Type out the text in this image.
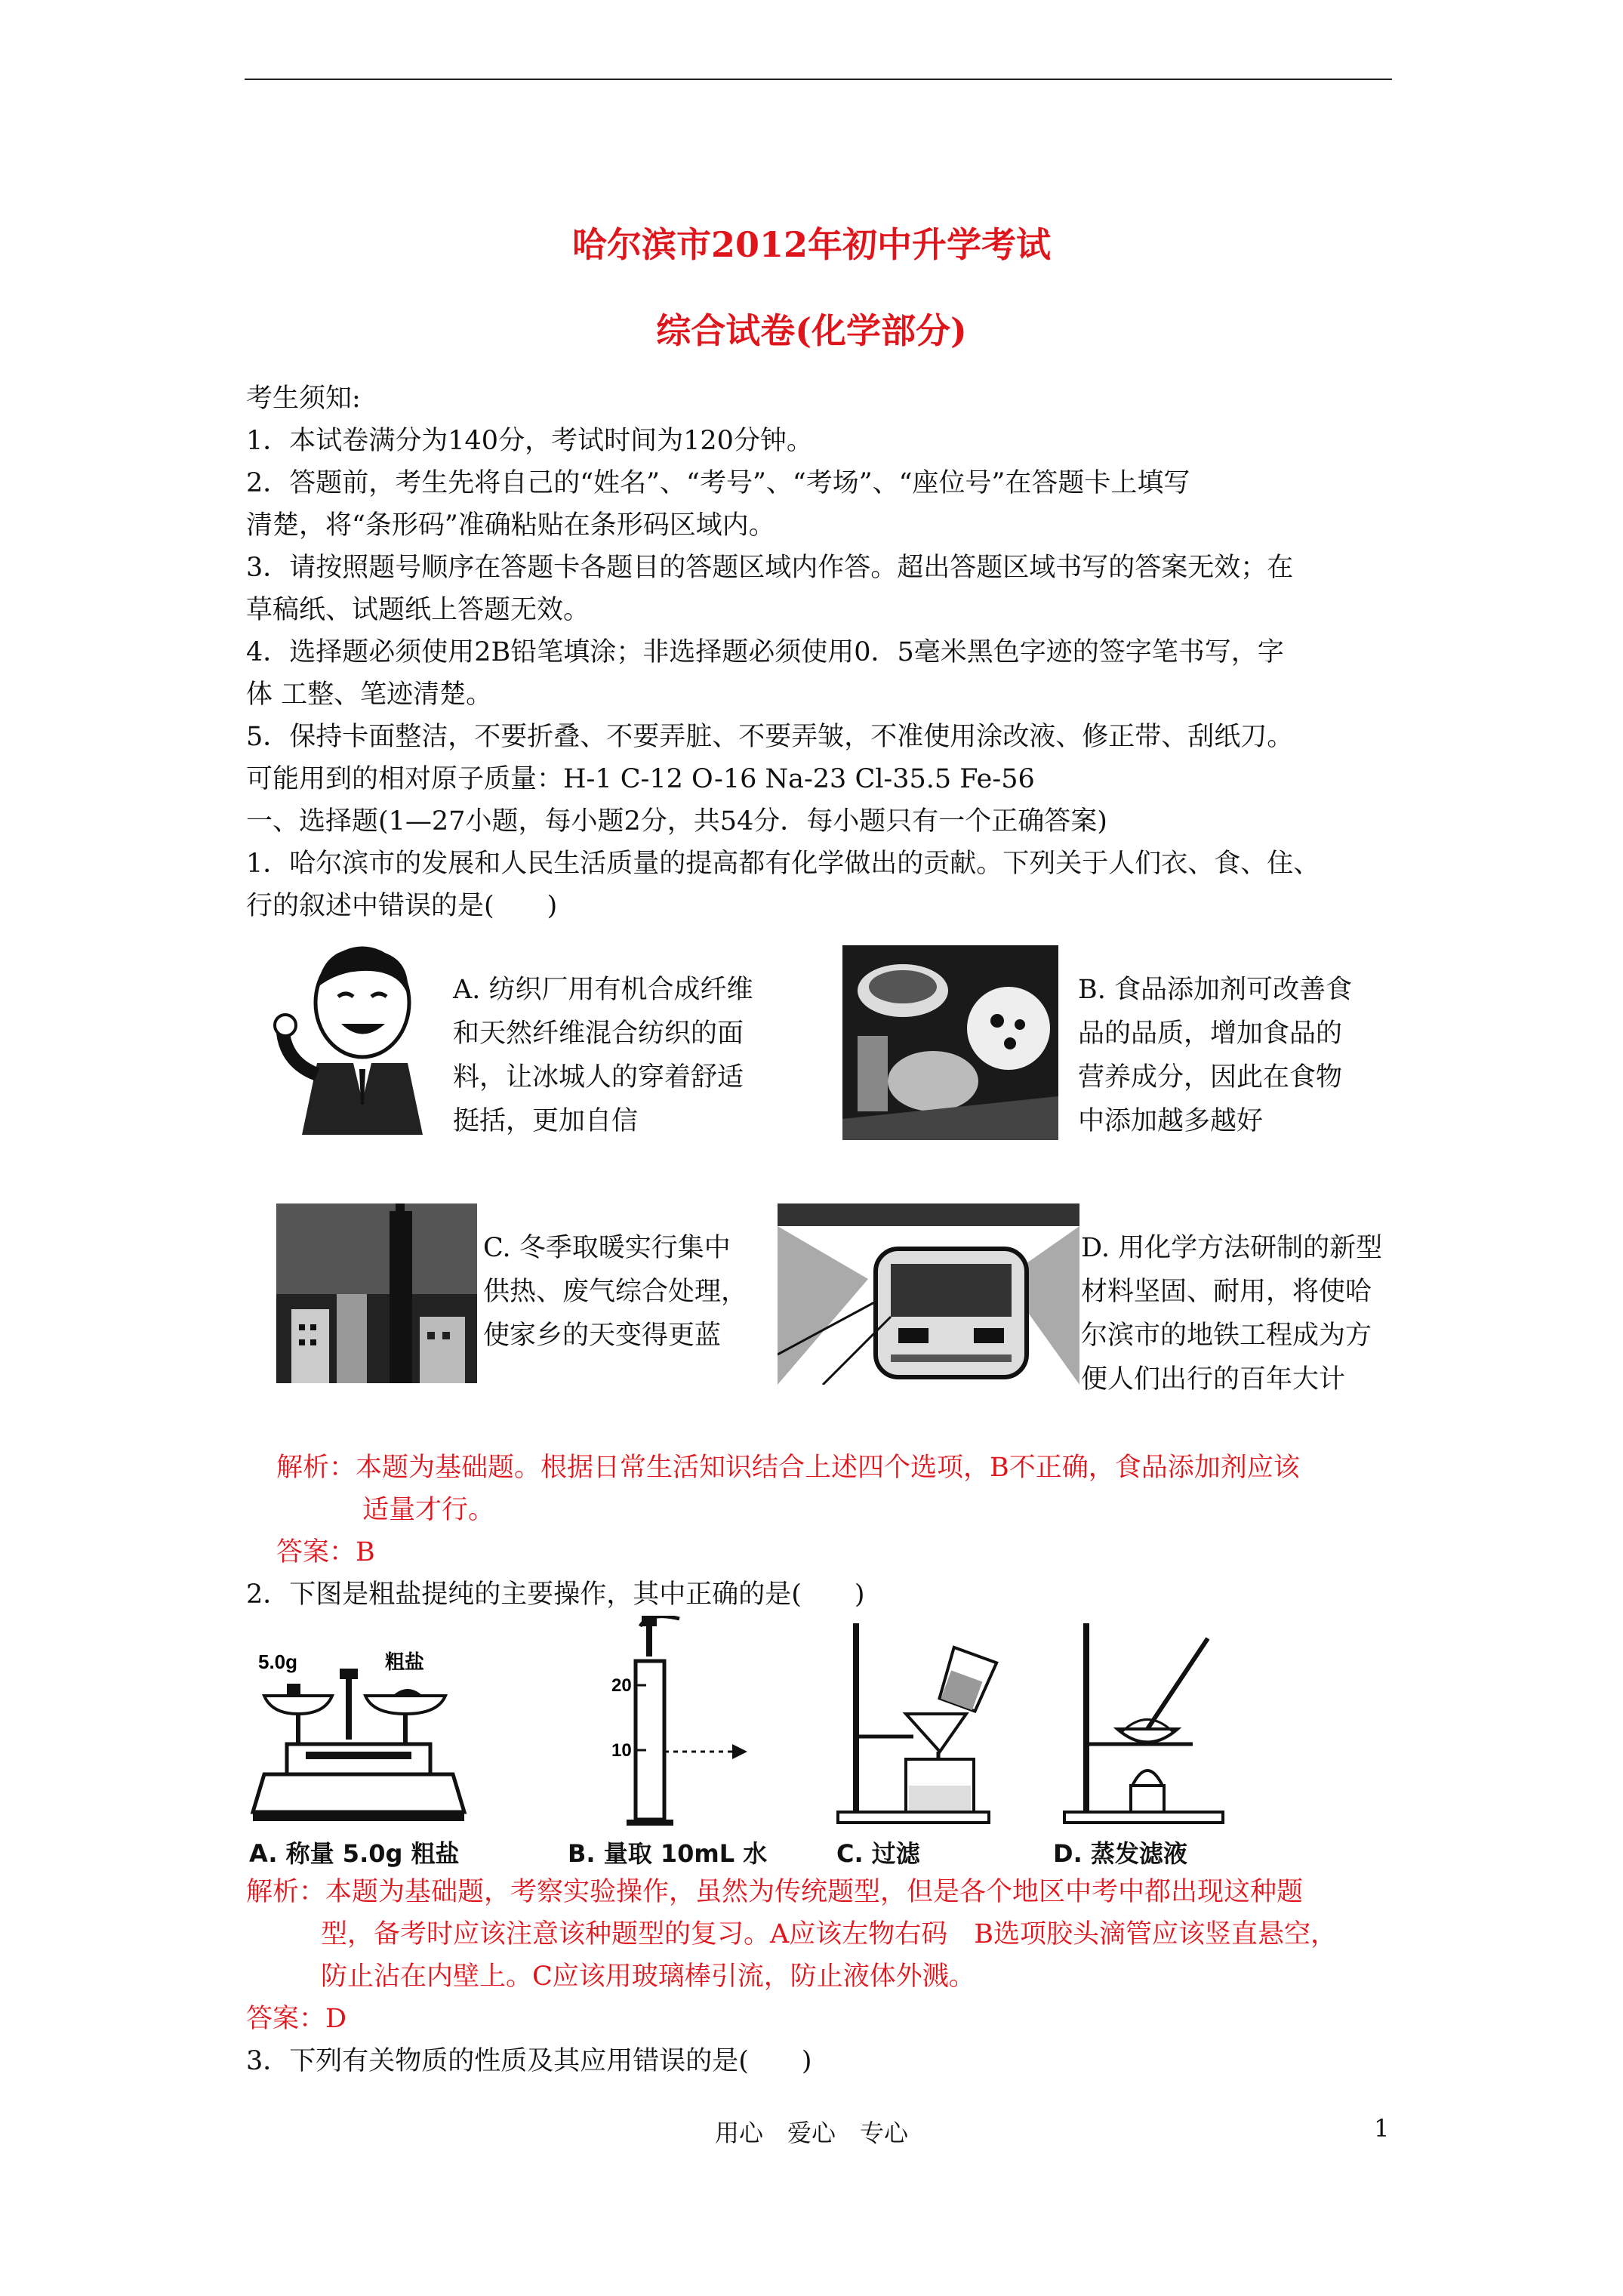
哈尔滨市2012年初中升学考试
综合试卷(化学部分)
考生须知:
1．本试卷满分为140分，考试时间为120分钟。
2．答题前，考生先将自己的“姓名”、“考号”、“考场”、“座位号”在答题卡上填写
清楚，将“条形码”准确粘贴在条形码区域内。
3．请按照题号顺序在答题卡各题目的答题区域内作答。超出答题区域书写的答案无效；在
草稿纸、试题纸上答题无效。
4．选择题必须使用2B铅笔填涂；非选择题必须使用0．5毫米黑色字迹的签字笔书写，字
体 工整、笔迹清楚。
5．保持卡面整洁，不要折叠、不要弄脏、不要弄皱，不准使用涂改液、修正带、刮纸刀。
可能用到的相对原子质量：H-1 C-12 O-16 Na-23 Cl-35.5 Fe-56
一、选择题(1—27小题，每小题2分，共54分．每小题只有一个正确答案)
1．哈尔滨市的发展和人民生活质量的提高都有化学做出的贡献。下列关于人们衣、食、住、
行的叙述中错误的是(　　)
A. 纺织厂用有机合成纤维
和天然纤维混合纺织的面
料，让冰城人的穿着舒适
挺括，更加自信
B. 食品添加剂可改善食
品的品质，增加食品的
营养成分，因此在食物
中添加越多越好
C. 冬季取暖实行集中
供热、废气综合处理，
使家乡的天变得更蓝
D. 用化学方法研制的新型
材料坚固、耐用，将使哈
尔滨市的地铁工程成为方
便人们出行的百年大计
解析：本题为基础题。根据日常生活知识结合上述四个选项，B不正确，食品添加剂应该
适量才行。
答案：B
2．下图是粗盐提纯的主要操作，其中正确的是(　　)
5.0g	粗盐
A. 称量 5.0g 粗盐
20
10
B. 量取 10mL 水	C. 过滤	D. 蒸发滤液
解析：本题为基础题，考察实验操作，虽然为传统题型，但是各个地区中考中都出现这种题
型，备考时应该注意该种题型的复习。A应该左物右码　B选项胶头滴管应该竖直悬空，
防止沾在内壁上。C应该用玻璃棒引流，防止液体外溅。
答案：D
3．下列有关物质的性质及其应用错误的是(　　)
用心　爱心　专心	1
